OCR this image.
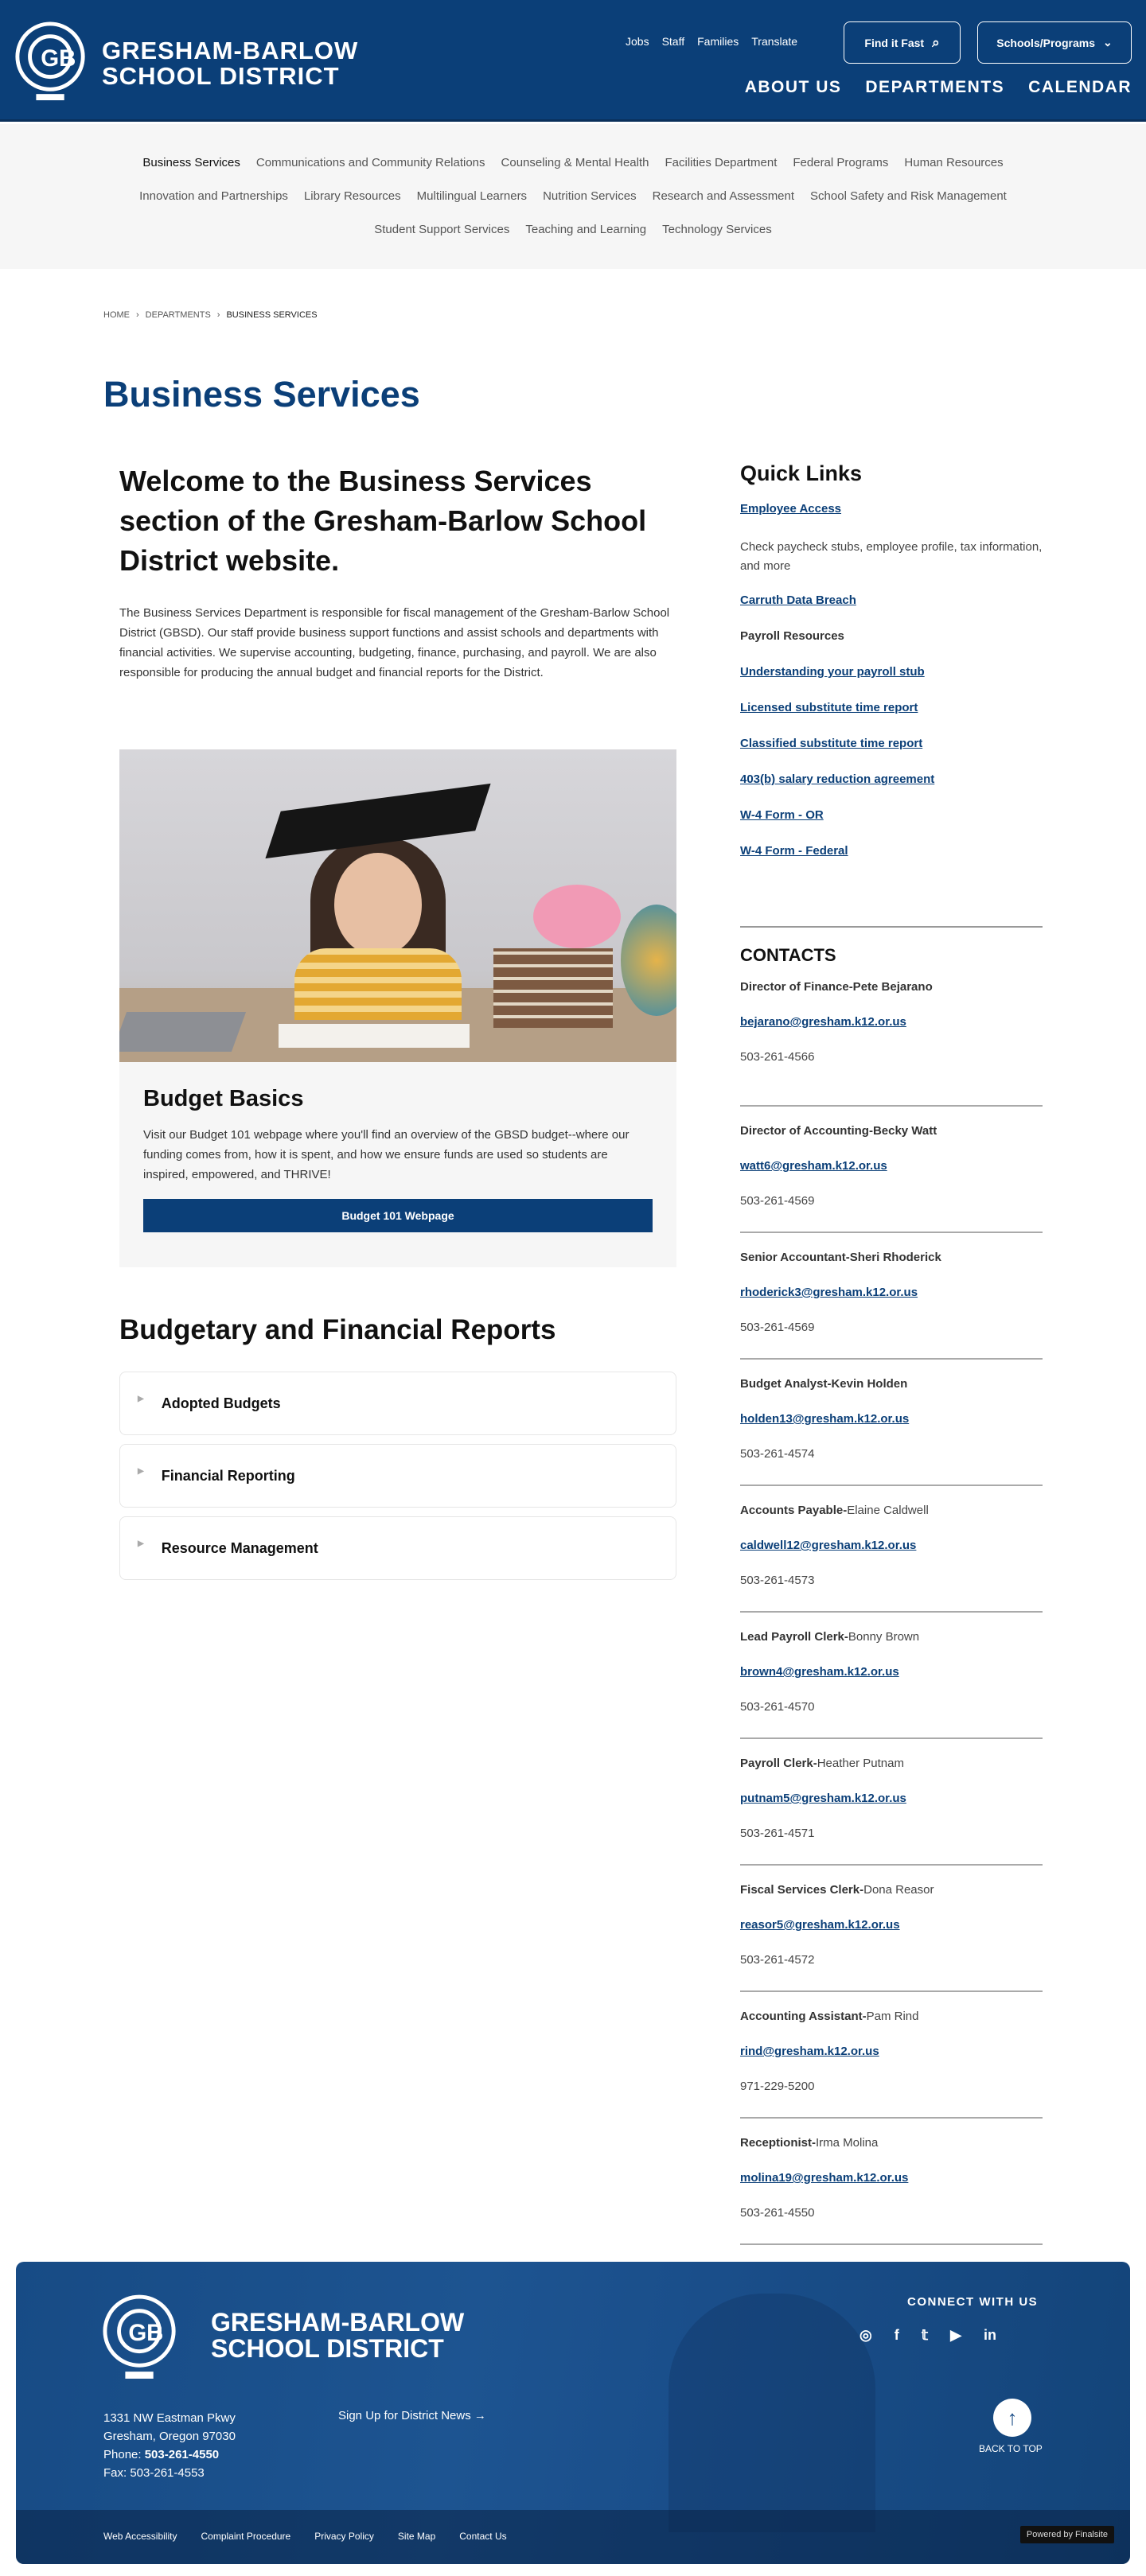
GB GRESHAM-BARLOW
SCHOOL DISTRICT
Jobs Staff Families Translate	Find it Fast ⌕	Schools/Programs ⌄
ABOUT US DEPARTMENTS CALENDAR
Business Services Communications and Community Relations Counseling & Mental Health Facilities Department Federal Programs Human Resources
Innovation and Partnerships Library Resources Multilingual Learners Nutrition Services Research and Assessment School Safety and Risk Management
Student Support Services Teaching and Learning Technology Services
HOME › DEPARTMENTS › BUSINESS SERVICES
Business Services
Welcome to the Business Services section of the Gresham-Barlow School District website.

The Business Services Department is responsible for fiscal management of the Gresham-Barlow School District (GBSD). Our staff provide business support functions and assist schools and departments with financial activities. We supervise accounting, budgeting, finance, purchasing, and payroll. We are also responsible for producing the annual budget and financial reports for the District.

Budget Basics

Visit our Budget 101 webpage where you'll find an overview of the GBSD budget--where our funding comes from, how it is spent, and how we ensure funds are used so students are inspired, empowered, and THRIVE!

Budget 101 Webpage
Budgetary and Financial Reports
▶ Adopted Budgets
▶ Financial Reporting
▶ Resource Management
Quick Links
Employee Access

Check paycheck stubs, employee profile, tax information, and more

Carruth Data Breach

Payroll Resources

Understanding your payroll stub
Licensed substitute time report
Classified substitute time report
403(b) salary reduction agreement
W-4 Form - OR
W-4 Form - Federal
CONTACTS
Director of Finance-Pete Bejarano
bejarano@gresham.k12.or.us
503-261-4566
Director of Accounting-Becky Watt
watt6@gresham.k12.or.us
503-261-4569
Senior Accountant-Sheri Rhoderick
rhoderick3@gresham.k12.or.us
503-261-4569
Budget Analyst-Kevin Holden
holden13@gresham.k12.or.us
503-261-4574
Accounts Payable-Elaine Caldwell
caldwell12@gresham.k12.or.us
503-261-4573
Lead Payroll Clerk-Bonny Brown
brown4@gresham.k12.or.us
503-261-4570
Payroll Clerk-Heather Putnam
putnam5@gresham.k12.or.us
503-261-4571
Fiscal Services Clerk-Dona Reasor
reasor5@gresham.k12.or.us
503-261-4572
Accounting Assistant-Pam Rind
rind@gresham.k12.or.us
971-229-5200
Receptionist-Irma Molina
molina19@gresham.k12.or.us
503-261-4550
GB GRESHAM-BARLOW
SCHOOL DISTRICT
1331 NW Eastman Pkwy
Gresham, Oregon 97030
Phone: 503-261-4550
Fax: 503-261-4553
Sign Up for District News →
CONNECT WITH US
◎ f 𝕥 ▶ in
↑
BACK TO TOP
Web Accessibility	Complaint Procedure	Privacy Policy	Site Map	Contact Us	Powered by Finalsite
